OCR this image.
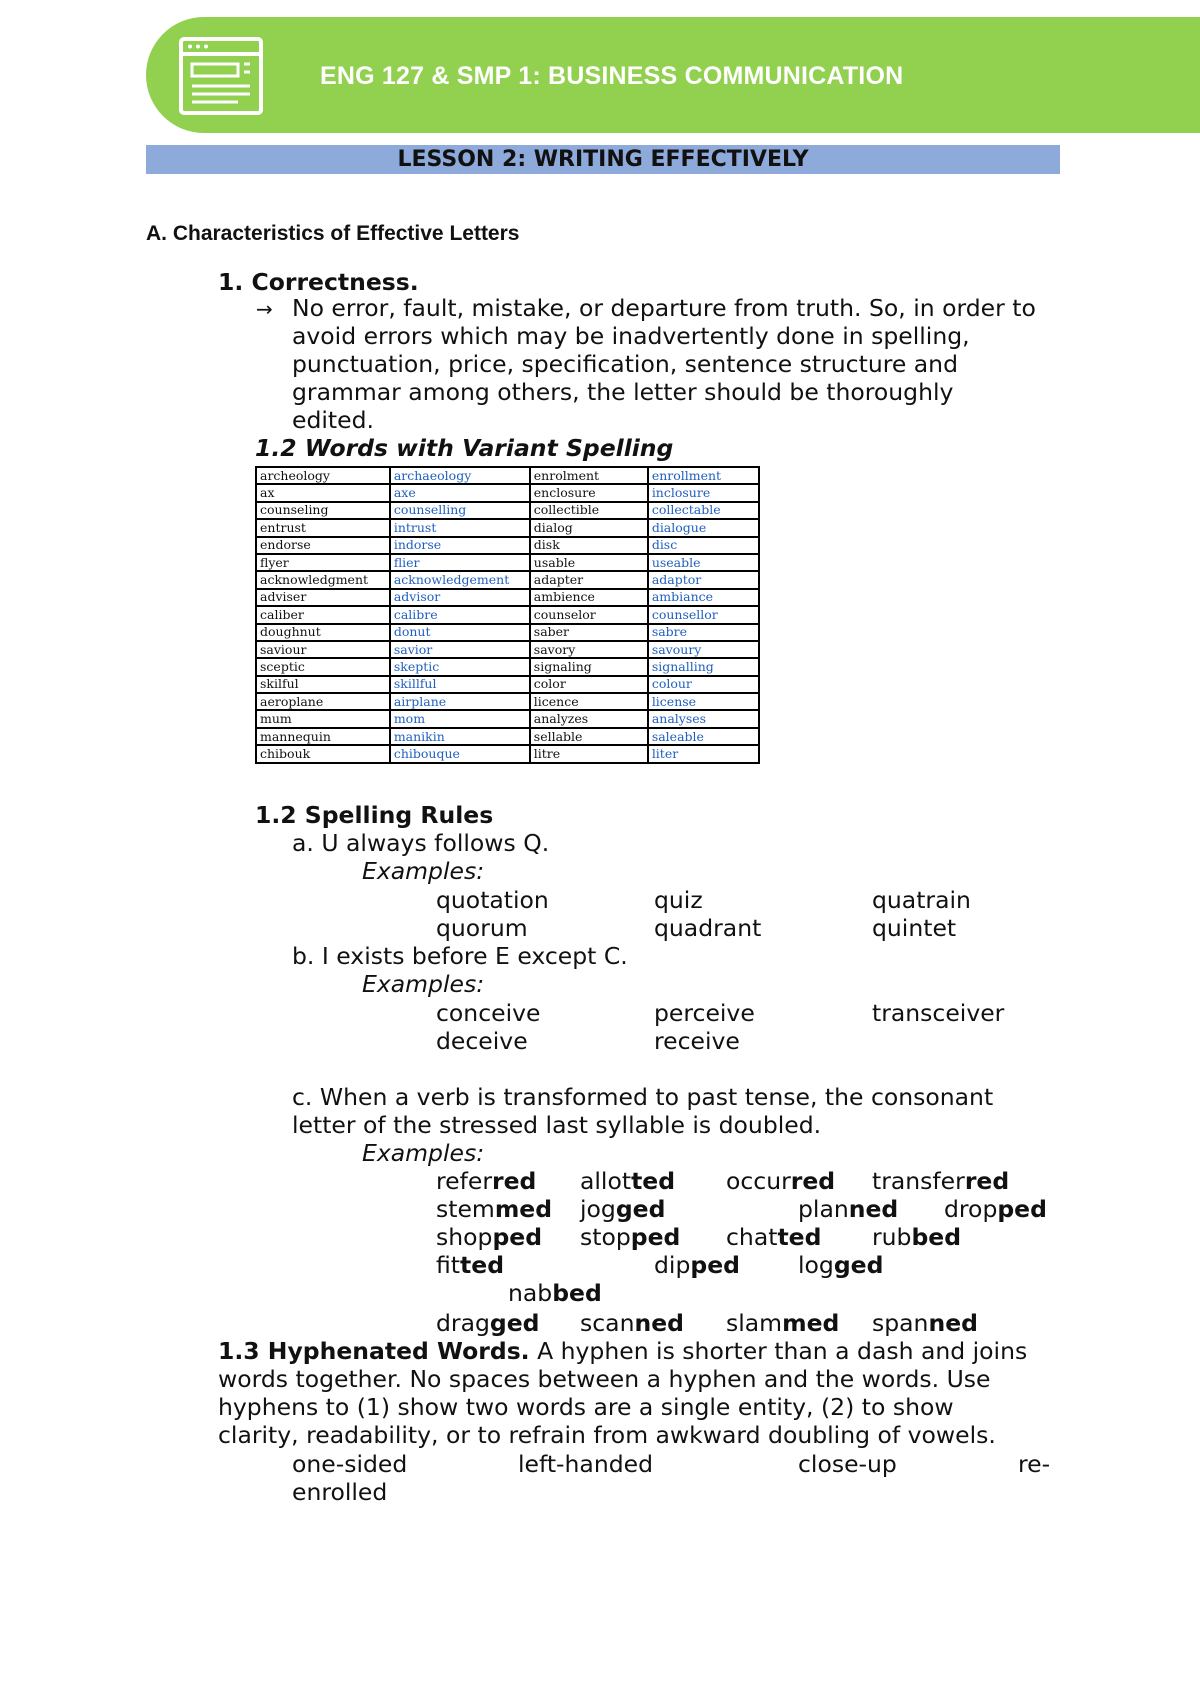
ENG 127 & SMP 1: BUSINESS COMMUNICATION
LESSON 2: WRITING EFFECTIVELY
A. Characteristics of Effective Letters
1. Correctness.
→ No error, fault, mistake, or departure from truth. So, in order to
avoid errors which may be inadvertently done in spelling,
punctuation, price, specification, sentence structure and
grammar among others, the letter should be thoroughly
edited.
1.2 Words with Variant Spelling
archeology	archaeology	enrolment	enrollment
ax	axe	enclosure	inclosure
counseling	counselling	collectible	collectable
entrust	intrust	dialog	dialogue
endorse	indorse	disk	disc
flyer	flier	usable	useable
acknowledgment	acknowledgement	adapter	adaptor
adviser	advisor	ambience	ambiance
caliber	calibre	counselor	counsellor
doughnut	donut	saber	sabre
saviour	savior	savory	savoury
sceptic	skeptic	signaling	signalling
skilful	skillful	color	colour
aeroplane	airplane	licence	license
mum	mom	analyzes	analyses
mannequin	manikin	sellable	saleable
chibouk	chibouque	litre	liter
1.2 Spelling Rules
a. U always follows Q.
Examples:
quotation	quiz	quatrain
quorum	quadrant	quintet
b. I exists before E except C.
Examples:
conceive	perceive	transceiver
deceive	receive
c. When a verb is transformed to past tense, the consonant
letter of the stressed last syllable is doubled.
Examples:
referred allotted occurred transferred
stemmed jogged	planned dropped
shopped stopped chatted rubbed
fitted	dipped logged
nabbed
dragged scanned slammed spanned
1.3 Hyphenated Words. A hyphen is shorter than a dash and joins
words together. No spaces between a hyphen and the words. Use
hyphens to (1) show two words are a single entity, (2) to show
clarity, readability, or to refrain from awkward doubling of vowels.
one-sided	left-handed	close-up	re-
enrolled
